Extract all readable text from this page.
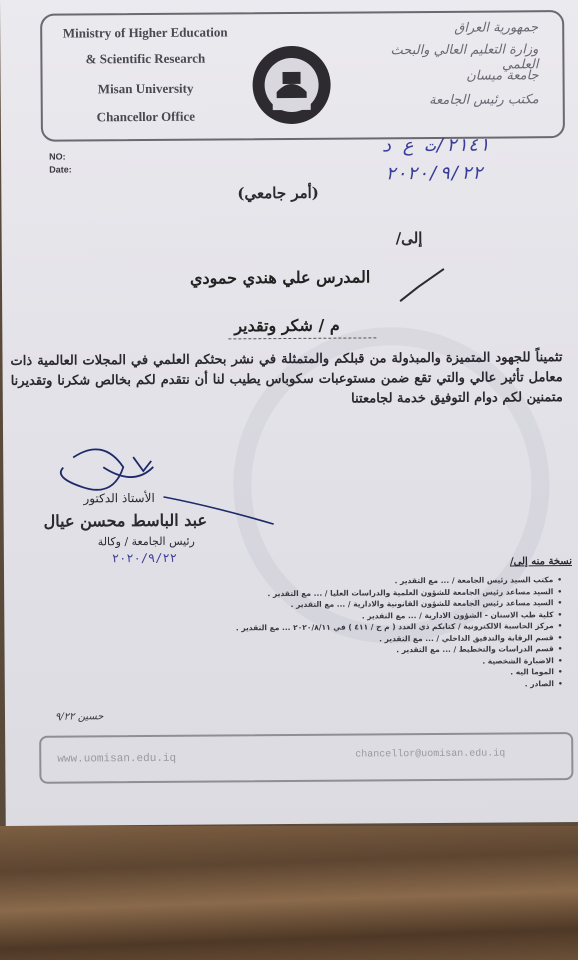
Ministry of Higher Education
& Scientific Research
Misan University
Chancellor Office
جمهورية العراق
وزارة التعليم العالي والبحث العلمي
جامعة ميسان
مكتب رئيس الجامعة
NO:
Date:
٢١٤١/ت ع د
٢٠٢٠/٩/٢٢
(أمر جامعي)
إلى/
المدرس علي هندي حمودي
م / شكر وتقدير
تثميناً للجهود المتميزة والمبذولة من قبلكم والمتمثلة في نشر بحثكم العلمي في المجلات العالمية ذات معامل تأثير عالي والتي تقع ضمن مستوعبات سكوباس يطيب لنا أن نتقدم لكم بخالص شكرنا وتقديرنا متمنين لكم دوام التوفيق خدمة لجامعتنا
الأستاذ الدكتور
عبد الباسط محسن عيال
رئيس الجامعة / وكالة
٢٠٢٠/٩/٢٢	نسخة منه إلى/
• مكتب السيد رئيس الجامعة / ... مع التقدير .
• السيد مساعد رئيس الجامعة للشؤون العلمية والدراسات العليا / ... مع التقدير .
• السيد مساعد رئيس الجامعة للشؤون القانونية والادارية / ... مع التقدير .
• كلية طب الاسنان - الشؤون الادارية / ... مع التقدير .
• مركز الحاسبة الالكترونية / كتابكم ذي العدد ( م ح / ٤١١ ) في ٢٠٢٠/٨/١١ ... مع التقدير .
• قسم الرقابة والتدقيق الداخلي / ... مع التقدير .
• قسم الدراسات والتخطيط / ... مع التقدير .
• الاضبارة الشخصية .
• الموما اليه .
• الصادر .
حسين ٩/٢٢
www.uomisan.edu.iq	chancellor@uomisan.edu.iq
